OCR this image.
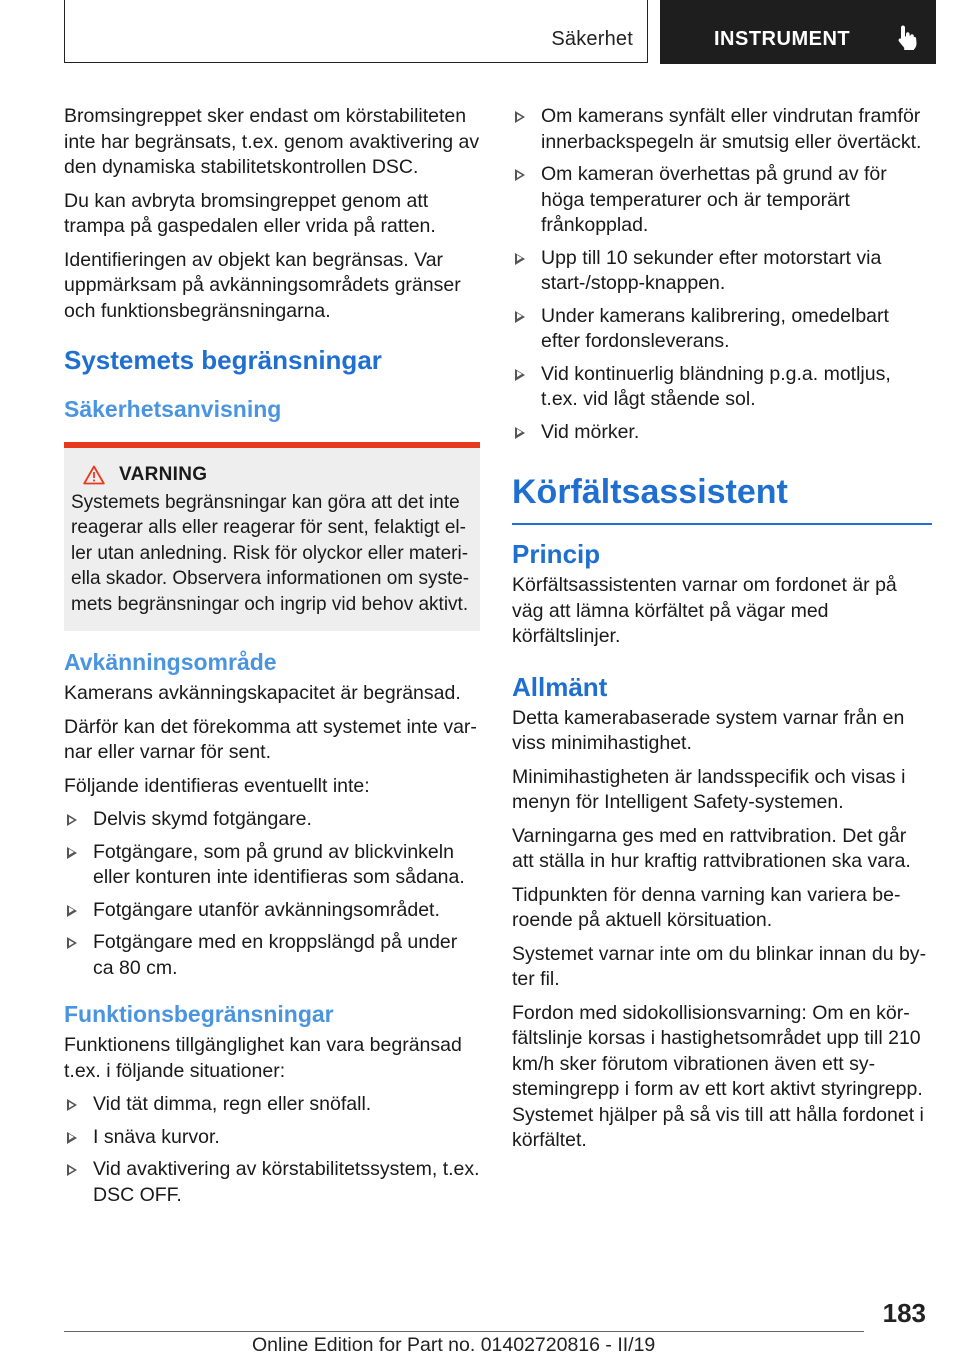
Säkerhet	INSTRUMENT

Bromsingreppet sker endast om körstabiliteten inte har begränsats, t.ex. genom avaktivering av den dynamiska stabilitetskontrollen DSC.

Du kan avbryta bromsingreppet genom att trampa på gaspedalen eller vrida på ratten.

Identifieringen av objekt kan begränsas. Var uppmärksam på avkänningsområdets gränser och funktionsbegränsningarna.

Systemets begränsningar
Säkerhetsanvisning
VARNING
Systemets begränsningar kan göra att det inte reagerar alls eller reagerar för sent, felaktigt eller utan anledning. Risk för olyckor eller materiella skador. Observera informationen om systemets begränsningar och ingrip vid behov aktivt.
Avkänningsområde

Kamerans avkänningskapacitet är begränsad.

Därför kan det förekomma att systemet inte varnar eller varnar för sent.

Följande identifieras eventuellt inte:

Delvis skymd fotgängare.
Fotgängare, som på grund av blickvinkeln eller konturen inte identifieras som sådana.
Fotgängare utanför avkänningsområdet.
Fotgängare med en kroppslängd på under ca 80 cm.
Funktionsbegränsningar

Funktionens tillgänglighet kan vara begränsad t.ex. i följande situationer:

Vid tät dimma, regn eller snöfall.
I snäva kurvor.
Vid avaktivering av körstabilitetssystem, t.ex. DSC OFF.
Om kamerans synfält eller vindrutan framför innerbackspegeln är smutsig eller övertäckt.
Om kameran överhettas på grund av för höga temperaturer och är temporärt frånkopplad.
Upp till 10 sekunder efter motorstart via start-/stopp-knappen.
Under kamerans kalibrering, omedelbart efter fordonsleverans.
Vid kontinuerlig bländning p.g.a. motljus, t.ex. vid lågt stående sol.
Vid mörker.
Körfältsassistent
Princip

Körfältsassistenten varnar om fordonet är på väg att lämna körfältet på vägar med körfältslinjer.

Allmänt

Detta kamerabaserade system varnar från en viss minimihastighet.

Minimihastigheten är landsspecifik och visas i menyn för Intelligent Safety-systemen.

Varningarna ges med en rattvibration. Det går att ställa in hur kraftig rattvibrationen ska vara.

Tidpunkten för denna varning kan variera beroende på aktuell körsituation.

Systemet varnar inte om du blinkar innan du byter fil.

Fordon med sidokollisionsvarning: Om en körfältslinje korsas i hastighetsområdet upp till 210 km/h sker förutom vibrationen även ett systemingrepp i form av ett kort aktivt styringrepp. Systemet hjälper på så vis till att hålla fordonet i körfältet.

183
Online Edition for Part no. 01402720816 - II/19
